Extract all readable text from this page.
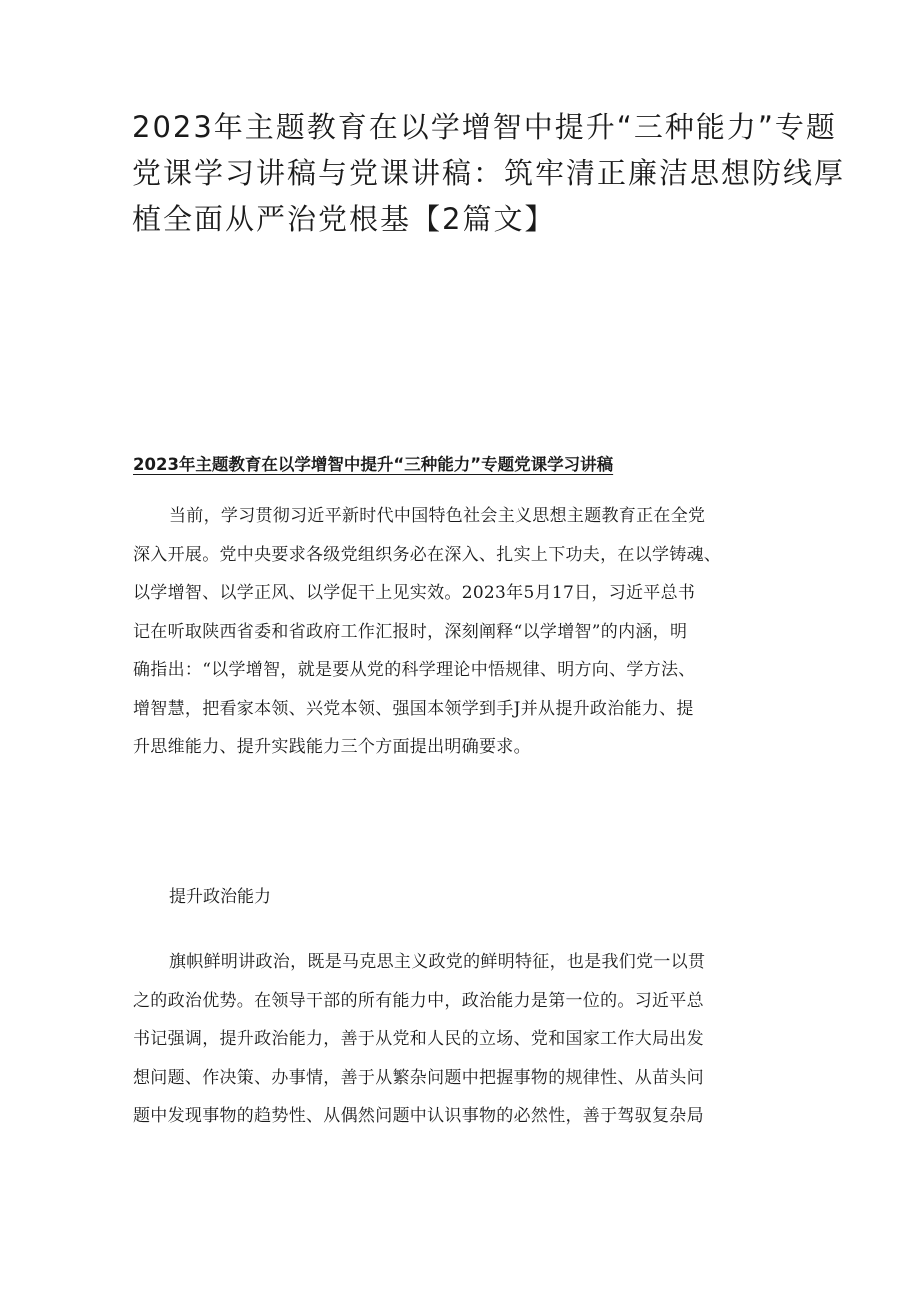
2023年主题教育在以学增智中提升“三种能力”专题
党课学习讲稿与党课讲稿：筑牢清正廉洁思想防线厚
植全面从严治党根基【2篇文】
2023年主题教育在以学增智中提升“三种能力”专题党课学习讲稿
当前，学习贯彻习近平新时代中国特色社会主义思想主题教育正在全党
深入开展。党中央要求各级党组织务必在深入、扎实上下功夫，在以学铸魂、
以学增智、以学正风、以学促干上见实效。2023年5月17日，习近平总书
记在听取陕西省委和省政府工作汇报时，深刻阐释“以学增智”的内涵，明
确指出：“以学增智，就是要从党的科学理论中悟规律、明方向、学方法、
增智慧，把看家本领、兴党本领、强国本领学到手J并从提升政治能力、提
升思维能力、提升实践能力三个方面提出明确要求。
提升政治能力
旗帜鲜明讲政治，既是马克思主义政党的鲜明特征，也是我们党一以贯
之的政治优势。在领导干部的所有能力中，政治能力是第一位的。习近平总
书记强调，提升政治能力，善于从党和人民的立场、党和国家工作大局出发
想问题、作决策、办事情，善于从繁杂问题中把握事物的规律性、从苗头问
题中发现事物的趋势性、从偶然问题中认识事物的必然性，善于驾驭复杂局
